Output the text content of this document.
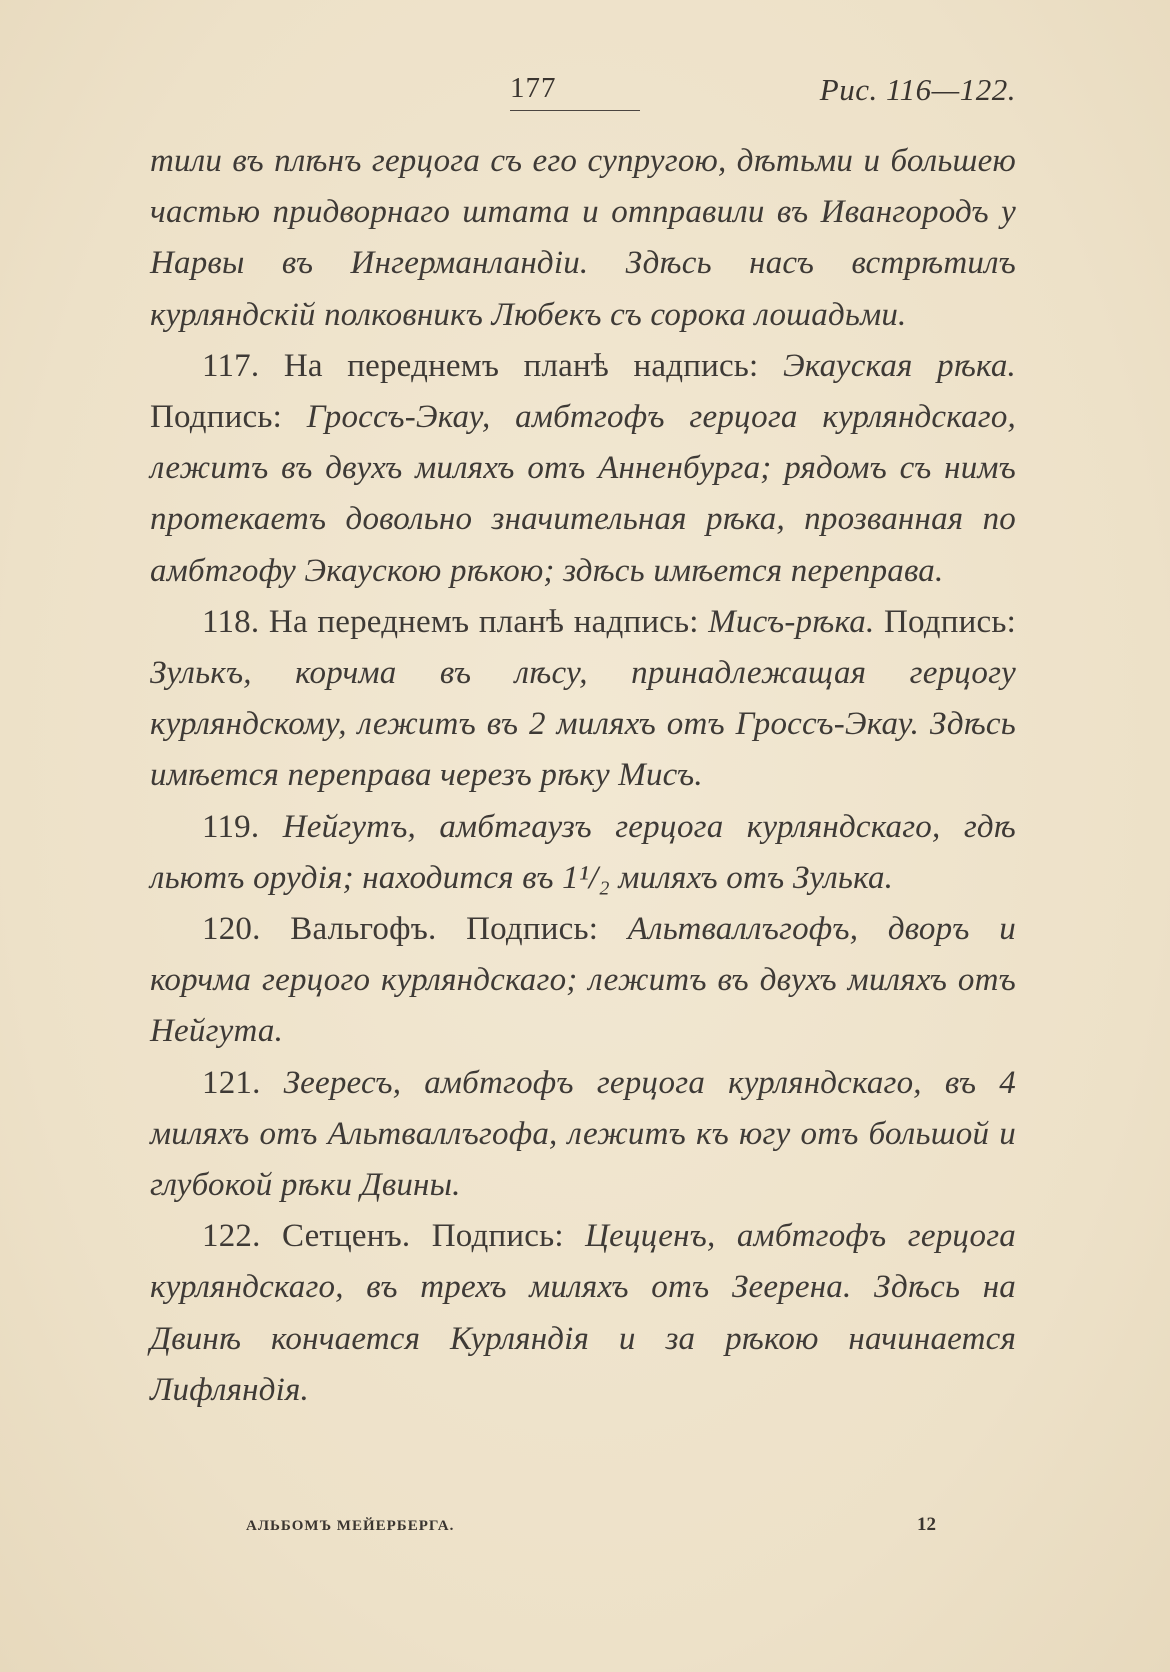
177	Рис. 116—122.

тили въ плѣнъ герцога съ его супругою, дѣтьми и большею частью придворнаго штата и отправили въ Ивангородъ у Нарвы въ Ингерманландіи. Здѣсь насъ встрѣтилъ курляндскій полковникъ Любекъ съ сорока лошадьми.

117. На переднемъ планѣ надпись: Экауская рѣка. Подпись: Гроссъ-Экау, амбтгофъ герцога курляндскаго, лежитъ въ двухъ миляхъ отъ Анненбурга; рядомъ съ нимъ протекаетъ довольно значительная рѣка, прозванная по амбтгофу Экаускою рѣкою; здѣсь имѣется переправа.

118. На переднемъ планѣ надпись: Мисъ-рѣка. Подпись: Зулькъ, корчма въ лѣсу, принадлежащая герцогу курляндскому, лежитъ въ 2 миляхъ отъ Гроссъ-Экау. Здѣсь имѣется переправа черезъ рѣку Мисъ.

119. Нейгутъ, амбтгаузъ герцога курляндскаго, гдѣ льютъ орудія; находится въ 1¹/₂ миляхъ отъ Зулька.

120. Вальгофъ. Подпись: Альтваллъгофъ, дворъ и корчма герцого курляндскаго; лежитъ въ двухъ миляхъ отъ Нейгута.

121. Зеересъ, амбтгофъ герцога курляндскаго, въ 4 миляхъ отъ Альтваллъгофа, лежитъ къ югу отъ большой и глубокой рѣки Двины.

122. Сетценъ. Подпись: Цецценъ, амбтгофъ герцога курляндскаго, въ трехъ миляхъ отъ Зеерена. Здѣсь на Двинѣ кончается Курляндія и за рѣкою начинается Лифляндія.

АЛЬБОМЪ МЕЙЕРБЕРГА.	12
